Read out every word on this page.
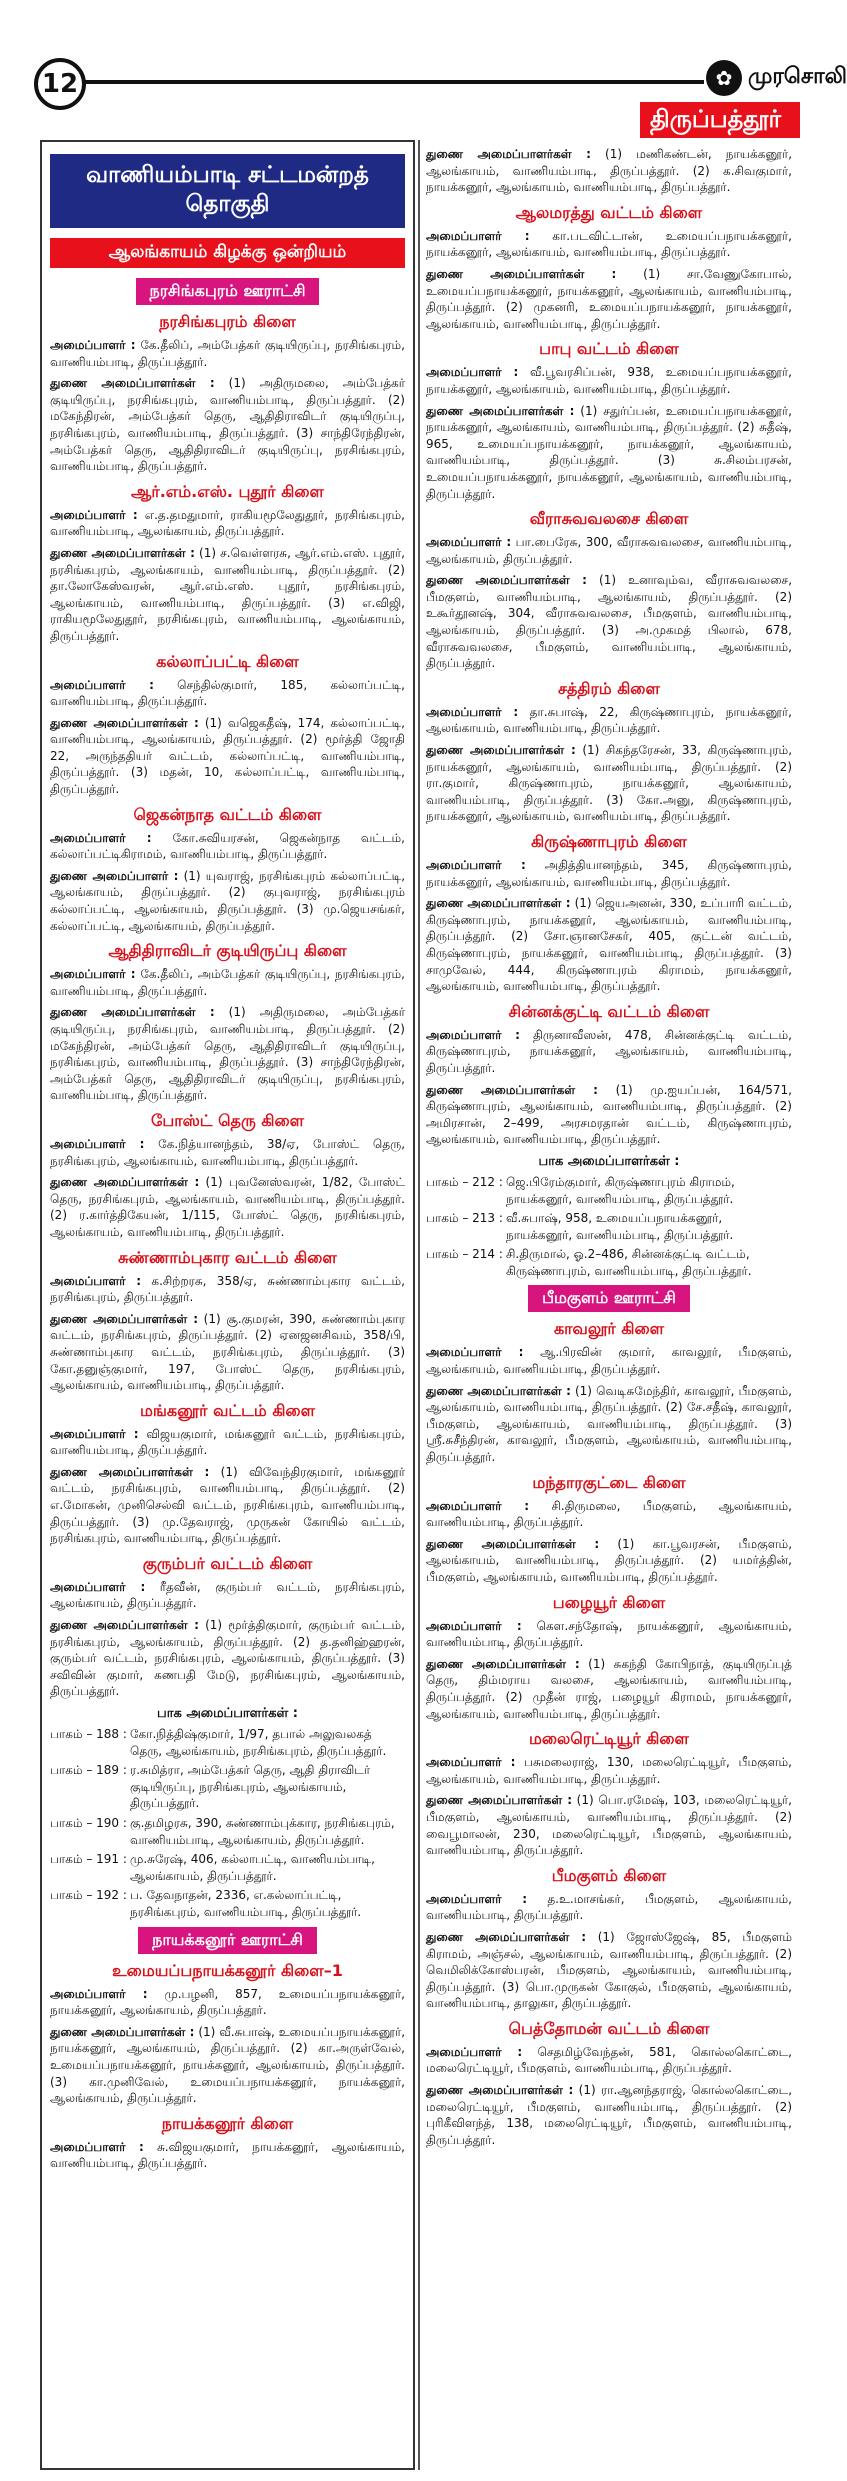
12	✿ முரசொலி
திருப்பத்தூர்
வாணியம்பாடி சட்டமன்றத் தொகுதி
ஆலங்காயம் கிழக்கு ஒன்றியம்
நரசிங்கபுரம் ஊராட்சி
நரசிங்கபுரம் கிளை

அமைப்பாளர் : கே.தீலிப், அம்பேத்கர் குடியிருப்பு, நரசிங்கபுரம், வாணியம்பாடி, திருப்பத்தூர்.

துணை அமைப்பாளர்கள் : (1) அதிருமலை, அம்பேத்கர் குடியிருப்பு, நரசிங்கபுரம், வாணியம்பாடி, திருப்பத்தூர். (2) மகேந்திரன், அம்பேத்கர் தெரு, ஆதிதிராவிடர் குடியிருப்பு, நரசிங்கபுரம், வாணியம்பாடி, திருப்பத்தூர். (3) சாந்திரேந்திரன், அம்பேத்கர் தெரு, ஆதிதிராவிடர் குடியிருப்பு, நரசிங்கபுரம், வாணியம்பாடி, திருப்பத்தூர்.

ஆர்.எம்.எஸ். புதூர் கிளை

அமைப்பாளர் : எ.த.தமதுமார், ராகியமூலேதுதூர், நரசிங்கபுரம், வாணியம்பாடி, ஆலங்காயம், திருப்பத்தூர்.

துணை அமைப்பாளர்கள் : (1) ச.வெள்ளரசு, ஆர்.எம்.எஸ். புதூர், நரசிங்கபுரம், ஆலங்காயம், வாணியம்பாடி, திருப்பத்தூர். (2) தா.லோகேஸ்வரன், ஆர்.எம்.எஸ். புதூர், நரசிங்கபுரம், ஆலங்காயம், வாணியம்பாடி, திருப்பத்தூர். (3) எ.விஜி, ராகியமூலேதுதூர், நரசிங்கபுரம், வாணியம்பாடி, ஆலங்காயம், திருப்பத்தூர்.

கல்லாப்பட்டி கிளை

அமைப்பாளர் : செந்தில்குமார், 185, கல்லாப்பட்டி, வாணியம்பாடி, திருப்பத்தூர்.

துணை அமைப்பாளர்கள் : (1) வஜெகதீஷ், 174, கல்லாப்பட்டி, வாணியம்பாடி, ஆலங்காயம், திருப்பத்தூர். (2) மூர்த்தி ஜோதி 22, அருந்ததியர் வட்டம், கல்லாப்பட்டி, வாணியம்பாடி, திருப்பத்தூர். (3) மதன், 10, கல்லாப்பட்டி, வாணியம்பாடி, திருப்பத்தூர்.

ஜெகன்நாத வட்டம் கிளை

அமைப்பாளர் : கோ.சுவியரசன், ஜெகன்நாத வட்டம், கல்லாப்பட்டிகிராமம், வாணியம்பாடி, திருப்பத்தூர்.

துணை அமைப்பாளர் : (1) யுவராஜ், நரசிங்கபுரம் கல்லாப்பட்டி, ஆலங்காயம், திருப்பத்தூர். (2) குபுவராஜ், நரசிங்கபுரம் கல்லாப்பட்டி, ஆலங்காயம், திருப்பத்தூர். (3) மு.ஜெயசங்கர், கல்லாப்பட்டி, ஆலங்காயம், திருப்பத்தூர்.

ஆதிதிராவிடர் குடியிருப்பு கிளை

அமைப்பாளர் : கே.தீலிப், அம்பேத்கர் குடியிருப்பு, நரசிங்கபுரம், வாணியம்பாடி, திருப்பத்தூர்.

துணை அமைப்பாளர்கள் : (1) அதிருமலை, அம்பேத்கர் குடியிருப்பு, நரசிங்கபுரம், வாணியம்பாடி, திருப்பத்தூர். (2) மகேந்திரன், அம்பேத்கர் தெரு, ஆதிதிராவிடர் குடியிருப்பு, நரசிங்கபுரம், வாணியம்பாடி, திருப்பத்தூர். (3) சாந்திரேந்திரன், அம்பேத்கர் தெரு, ஆதிதிராவிடர் குடியிருப்பு, நரசிங்கபுரம், வாணியம்பாடி, திருப்பத்தூர்.

போஸ்ட் தெரு கிளை

அமைப்பாளர் : கே.நித்யானந்தம், 38/ஏ, போஸ்ட் தெரு, நரசிங்கபுரம், ஆலங்காயம், வாணியம்பாடி, திருப்பத்தூர்.

துணை அமைப்பாளர்கள் : (1) புவனேஸ்வரன், 1/82, போஸ்ட் தெரு, நரசிங்கபுரம், ஆலங்காயம், வாணியம்பாடி, திருப்பத்தூர். (2) ர.கார்த்திகேயன், 1/115, போஸ்ட் தெரு, நரசிங்கபுரம், ஆலங்காயம், வாணியம்பாடி, திருப்பத்தூர்.

சுண்ணாம்புகார வட்டம் கிளை

அமைப்பாளர் : க.சிற்றரசு, 358/ஏ, சுண்ணாம்புகார வட்டம், நரசிங்கபுரம், திருப்பத்தூர்.

துணை அமைப்பாளர்கள் : (1) சூ.குமரன், 390, சுண்ணாம்புகார வட்டம், நரசிங்கபுரம், திருப்பத்தூர். (2) ஏனஜனசிவம், 358/பி, சுண்ணாம்புகார வட்டம், நரசிங்கபுரம், திருப்பத்தூர். (3) கோ.தனுஞ்குமார், 197, போஸ்ட் தெரு, நரசிங்கபுரம், ஆலங்காயம், வாணியம்பாடி, திருப்பத்தூர்.

மங்கனூர் வட்டம் கிளை

அமைப்பாளர் : விஜயகுமார், மங்கனூர் வட்டம், நரசிங்கபுரம், வாணியம்பாடி, திருப்பத்தூர்.

துணை அமைப்பாளர்கள் : (1) விவேந்திரகுமார், மங்கனூர் வட்டம், நரசிங்கபுரம், வாணியம்பாடி, திருப்பத்தூர். (2) எ.மோகன், முனிசெல்வி வட்டம், நரசிங்கபுரம், வாணியம்பாடி, திருப்பத்தூர். (3) மு.தேவராஜ், முருகன் கோயில் வட்டம், நரசிங்கபுரம், வாணியம்பாடி, திருப்பத்தூர்.

குரும்பர் வட்டம் கிளை

அமைப்பாளர் : ரீதவீன், குரும்பர் வட்டம், நரசிங்கபுரம், ஆலங்காயம், திருப்பத்தூர்.

துணை அமைப்பாளர்கள் : (1) மூர்த்திகுமார், குரும்பர் வட்டம், நரசிங்கபுரம், ஆலங்காயம், திருப்பத்தூர். (2) த.தனிஹ்ஹரன், குரும்பர் வட்டம், நரசிங்கபுரம், ஆலங்காயம், திருப்பத்தூர். (3) சவிவின் குமார், கணபதி மேடு, நரசிங்கபுரம், ஆலங்காயம், திருப்பத்தூர்.

பாக அமைப்பாளர்கள் :
பாகம் – 188 : கோ.நித்திஷ்குமார், 1/97, தபால் அலுவலகத் தெரு, ஆலங்காயம், நரசிங்கபுரம், திருப்பத்தூர்.
பாகம் – 189 : ர.சுமித்ரா, அம்பேத்கர் தெரு, ஆதி திராவிடர் குடியிருப்பு, நரசிங்கபுரம், ஆலங்காயம், திருப்பத்தூர்.
பாகம் – 190 : கு.தமிழரசு, 390, சுண்ணாம்புக்கார, நரசிங்கபுரம், வாணியம்பாடி, ஆலங்காயம், திருப்பத்தூர்.
பாகம் – 191 : மு.சுரேஷ், 406, கல்லாபட்டி, வாணியம்பாடி, ஆலங்காயம், திருப்பத்தூர்.
பாகம் – 192 : ப. தேவநாதன், 2336, எ.கல்லாப்பட்டி, நரசிங்கபுரம், வாணியம்பாடி, திருப்பத்தூர்.
நாயக்கனூர் ஊராட்சி
உமையப்பநாயக்கனூர் கிளை–1

அமைப்பாளர் : மு.பழனி, 857, உமையப்பநாயக்கனூர், நாயக்கனூர், ஆலங்காயம், திருப்பத்தூர்.

துணை அமைப்பாளர்கள் : (1) வீ.சுபாஷ், உமையப்பநாயக்கனூர், நாயக்கனூர், ஆலங்காயம், திருப்பத்தூர். (2) கா.அருள்வேல், உமையப்பநாயக்கனூர், நாயக்கனூர், ஆலங்காயம், திருப்பத்தூர். (3) கா.முனிவேல், உமையப்பநாயக்கனூர், நாயக்கனூர், ஆலங்காயம், திருப்பத்தூர்.

நாயக்கனூர் கிளை

அமைப்பாளர் : சு.விஜயகுமார், நாயக்கனூர், ஆலங்காயம், வாணியம்பாடி, திருப்பத்தூர்.

துணை அமைப்பாளர்கள் : (1) மணிகண்டன், நாயக்கனூர், ஆலங்காயம், வாணியம்பாடி, திருப்பத்தூர். (2) க.சிவகுமார், நாயக்கனூர், ஆலங்காயம், வாணியம்பாடி, திருப்பத்தூர்.

ஆலமரத்து வட்டம் கிளை

அமைப்பாளர் : கா.படவிட்டான், உமையப்பநாயக்கனூர், நாயக்கனூர், ஆலங்காயம், வாணியம்பாடி, திருப்பத்தூர்.

துணை அமைப்பாளர்கள் : (1) சா.வேணுகோபால், உமையப்பநாயக்கனூர், நாயக்கனூர், ஆலங்காயம், வாணியம்பாடி, திருப்பத்தூர். (2) முகனரி, உமையப்பநாயக்கனூர், நாயக்கனூர், ஆலங்காயம், வாணியம்பாடி, திருப்பத்தூர்.

பாபு வட்டம் கிளை

அமைப்பாளர் : வீ.பூவரசிப்பன், 938, உமையப்பநாயக்கனூர், நாயக்கனூர், ஆலங்காயம், வாணியம்பாடி, திருப்பத்தூர்.

துணை அமைப்பாளர்கள் : (1) சதுர்ப்பன், உமையப்பநாயக்கனூர், நாயக்கனூர், ஆலங்காயம், வாணியம்பாடி, திருப்பத்தூர். (2) சுதீஷ், 965, உமையப்பநாயக்கனூர், நாயக்கனூர், ஆலங்காயம், வாணியம்பாடி, திருப்பத்தூர். (3) சு.சிலம்பரசன், உமையப்பநாயக்கனூர், நாயக்கனூர், ஆலங்காயம், வாணியம்பாடி, திருப்பத்தூர்.

வீராசுவவலசை கிளை

அமைப்பாளர் : பா.பைரேசு, 300, வீராசுவவலசை, வாணியம்பாடி, ஆலங்காயம், திருப்பத்தூர்.

துணை அமைப்பாளர்கள் : (1) உனாவும்வ, வீராசுவவலசை, பீமகுளம், வாணியம்பாடி, ஆலங்காயம், திருப்பத்தூர். (2) உகூர்தூனஷ், 304, வீராசுவவலசை, பீமகுளம், வாணியம்பாடி, ஆலங்காயம், திருப்பத்தூர். (3) அ.முகமத் பிலால், 678, வீராசுவவலசை, பீமகுளம், வாணியம்பாடி, ஆலங்காயம், திருப்பத்தூர்.

சத்திரம் கிளை

அமைப்பாளர் : தா.சுபாஷ், 22, கிருஷ்ணாபுரம், நாயக்கனூர், ஆலங்காயம், வாணியம்பாடி, திருப்பத்தூர்.

துணை அமைப்பாளர்கள் : (1) சிகந்தரேசன், 33, கிருஷ்ணாபுரம், நாயக்கனூர், ஆலங்காயம், வாணியம்பாடி, திருப்பத்தூர். (2) ரா.குமார், கிருஷ்ணாபுரம், நாயக்கனூர், ஆலங்காயம், வாணியம்பாடி, திருப்பத்தூர். (3) கோ.அனு, கிருஷ்ணாபுரம், நாயக்கனூர், ஆலங்காயம், வாணியம்பாடி, திருப்பத்தூர்.

கிருஷ்ணாபுரம் கிளை

அமைப்பாளர் : அதித்தியானந்தம், 345, கிருஷ்ணாபுரம், நாயக்கனூர், ஆலங்காயம், வாணியம்பாடி, திருப்பத்தூர்.

துணை அமைப்பாளர்கள் : (1) ஜெயஅனன், 330, உப்பாரி வட்டம், கிருஷ்ணாபுரம், நாயக்கனூர், ஆலங்காயம், வாணியம்பாடி, திருப்பத்தூர். (2) சோ.ஞானசேகர், 405, குட்டன் வட்டம், கிருஷ்ணாபுரம், நாயக்கனூர், வாணியம்பாடி, திருப்பத்தூர். (3) சாமுவேல், 444, கிருஷ்ணாபுரம் கிராமம், நாயக்கனூர், ஆலங்காயம், வாணியம்பாடி, திருப்பத்தூர்.

சின்னக்குட்டி வட்டம் கிளை

அமைப்பாளர் : திருனாவீஸன், 478, சின்னக்குட்டி வட்டம், கிருஷ்ணாபுரம், நாயக்கனூர், ஆலங்காயம், வாணியம்பாடி, திருப்பத்தூர்.

துணை அமைப்பாளர்கள் : (1) மு.ஐயப்பன், 164/571, கிருஷ்ணாபுரம், ஆலங்காயம், வாணியம்பாடி, திருப்பத்தூர். (2) அமிரசான், 2–499, அரசமரதான் வட்டம், கிருஷ்ணாபுரம், ஆலங்காயம், வாணியம்பாடி, திருப்பத்தூர்.

பாக அமைப்பாளர்கள் :
பாகம் – 212 : ஜெ.பிரேம்குமார், கிருஷ்ணாபுரம் கிராமம், நாயக்கனூர், வாணியம்பாடி, திருப்பத்தூர்.
பாகம் – 213 : வீ.சுபாஷ், 958, உமையப்பநாயக்கனூர், நாயக்கனூர், வாணியம்பாடி, திருப்பத்தூர்.
பாகம் – 214 : சி.திருமால், ஓ.2–486, சின்னக்குட்டி வட்டம், கிருஷ்ணாபுரம், வாணியம்பாடி, திருப்பத்தூர்.
பீமகுளம் ஊராட்சி
காவலூர் கிளை

அமைப்பாளர் : ஆ.பிரவின் குமார், காவலூர், பீமகுளம், ஆலங்காயம், வாணியம்பாடி, திருப்பத்தூர்.

துணை அமைப்பாளர்கள் : (1) வெடிசுமேந்திர், காவலூர், பீமகுளம், ஆலங்காயம், வாணியம்பாடி, திருப்பத்தூர். (2) சே.சதீஷ், காவலூர், பீமகுளம், ஆலங்காயம், வாணியம்பாடி, திருப்பத்தூர். (3) ஸ்ரீ.சுசீந்திரன், காவலூர், பீமகுளம், ஆலங்காயம், வாணியம்பாடி, திருப்பத்தூர்.

மந்தாரகுட்டை கிளை

அமைப்பாளர் : சி.திருமலை, பீமகுளம், ஆலங்காயம், வாணியம்பாடி, திருப்பத்தூர்.

துணை அமைப்பாளர்கள் : (1) கா.பூவரசன், பீமகுளம், ஆலங்காயம், வாணியம்பாடி, திருப்பத்தூர். (2) யமர்த்தின், பீமகுளம், ஆலங்காயம், வாணியம்பாடி, திருப்பத்தூர்.

பழையூர் கிளை

அமைப்பாளர் : கௌ.சந்தோஷ், நாயக்கனூர், ஆலங்காயம், வாணியம்பாடி, திருப்பத்தூர்.

துணை அமைப்பாளர்கள் : (1) சுகந்தி கோபிநாத், குடியிருப்புத் தெரு, திம்மராய வலசை, ஆலங்காயம், வாணியம்பாடி, திருப்பத்தூர். (2) முதீன் ராஜ், பழையூர் கிராமம், நாயக்கனூர், ஆலங்காயம், வாணியம்பாடி, திருப்பத்தூர்.

மலைரெட்டியூர் கிளை

அமைப்பாளர் : பசுமலைராஜ், 130, மலைரெட்டியூர், பீமகுளம், ஆலங்காயம், வாணியம்பாடி, திருப்பத்தூர்.

துணை அமைப்பாளர்கள் : (1) பொ.ரமேஷ், 103, மலைரெட்டியூர், பீமகுளம், ஆலங்காயம், வாணியம்பாடி, திருப்பத்தூர். (2) வைபூமாலன், 230, மலைரெட்டியூர், பீமகுளம், ஆலங்காயம், வாணியம்பாடி, திருப்பத்தூர்.

பீமகுளம் கிளை

அமைப்பாளர் : த.உ.மாசங்கர், பீமகுளம், ஆலங்காயம், வாணியம்பாடி, திருப்பத்தூர்.

துணை அமைப்பாளர்கள் : (1) ஜோஸ்ஜேஷ், 85, பீமகுளம் கிராமம், அஞ்சல், ஆலங்காயம், வாணியம்பாடி, திருப்பத்தூர். (2) வெமிலிக்கோஸ்பரன், பீமகுளம், ஆலங்காயம், வாணியம்பாடி, திருப்பத்தூர். (3) பொ.முருகன் கோகுல், பீமகுளம், ஆலங்காயம், வாணியம்பாடி, தாலுகா, திருப்பத்தூர்.

பெத்தோமன் வட்டம் கிளை

அமைப்பாளர் : செதமிழ்வேந்தன், 581, கொல்லகொட்டை, மலைரெட்டியூர், பீமகுளம், வாணியம்பாடி, திருப்பத்தூர்.

துணை அமைப்பாளர்கள் : (1) ரா.ஆனந்தராஜ், கொல்லகொட்டை, மலைரெட்டியூர், பீமகுளம், வாணியம்பாடி, திருப்பத்தூர். (2) புரிகீவிளந்த், 138, மலைரெட்டியூர், பீமகுளம், வாணியம்பாடி, திருப்பத்தூர்.
